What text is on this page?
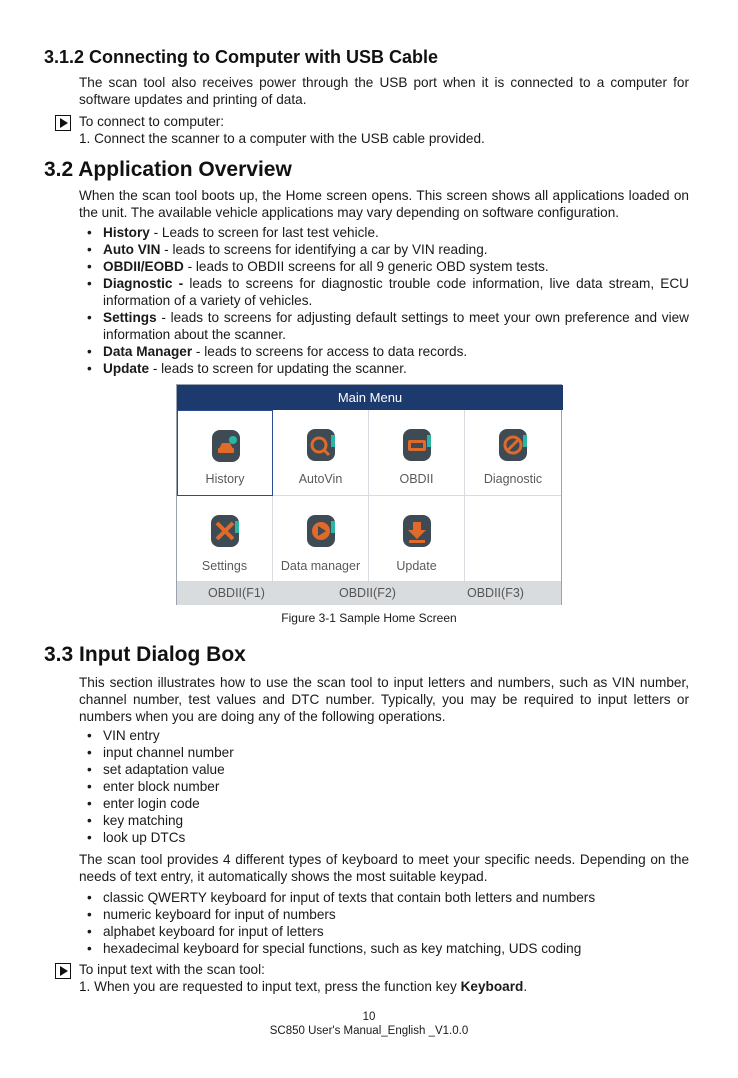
3.1.2 Connecting to Computer with USB Cable
The scan tool also receives power through the USB port when it is connected to a computer for software updates and printing of data.
To connect to computer:
1. Connect the scanner to a computer with the USB cable provided.
3.2 Application Overview
When the scan tool boots up, the Home screen opens. This screen shows all applications loaded on the unit. The available vehicle applications may vary depending on software configuration.
• History - Leads to screen for last test vehicle.
• Auto VIN - leads to screens for identifying a car by VIN reading.
• OBDII/EOBD - leads to OBDII screens for all 9 generic OBD system tests.
• Diagnostic - leads to screens for diagnostic trouble code information, live data stream, ECU information of a variety of vehicles.
• Settings - leads to screens for adjusting default settings to meet your own preference and view information about the scanner.
• Data Manager - leads to screens for access to data records.
• Update - leads to screen for updating the scanner.
Main Menu
History	AutoVin	OBDII	Diagnostic
Settings	Data manager	Update
OBDII(F1)	OBDII(F2)	OBDII(F3)
Figure 3-1 Sample Home Screen
3.3 Input Dialog Box
This section illustrates how to use the scan tool to input letters and numbers, such as VIN number, channel number, test values and DTC number. Typically, you may be required to input letters or numbers when you are doing any of the following operations.
• VIN entry
• input channel number
• set adaptation value
• enter block number
• enter login code
• key matching
• look up DTCs
The scan tool provides 4 different types of keyboard to meet your specific needs. Depending on the needs of text entry, it automatically shows the most suitable keypad.
• classic QWERTY keyboard for input of texts that contain both letters and numbers
• numeric keyboard for input of numbers
• alphabet keyboard for input of letters
• hexadecimal keyboard for special functions, such as key matching, UDS coding
To input text with the scan tool:
1. When you are requested to input text, press the function key Keyboard.
10
SC850 User's Manual_English _V1.0.0
